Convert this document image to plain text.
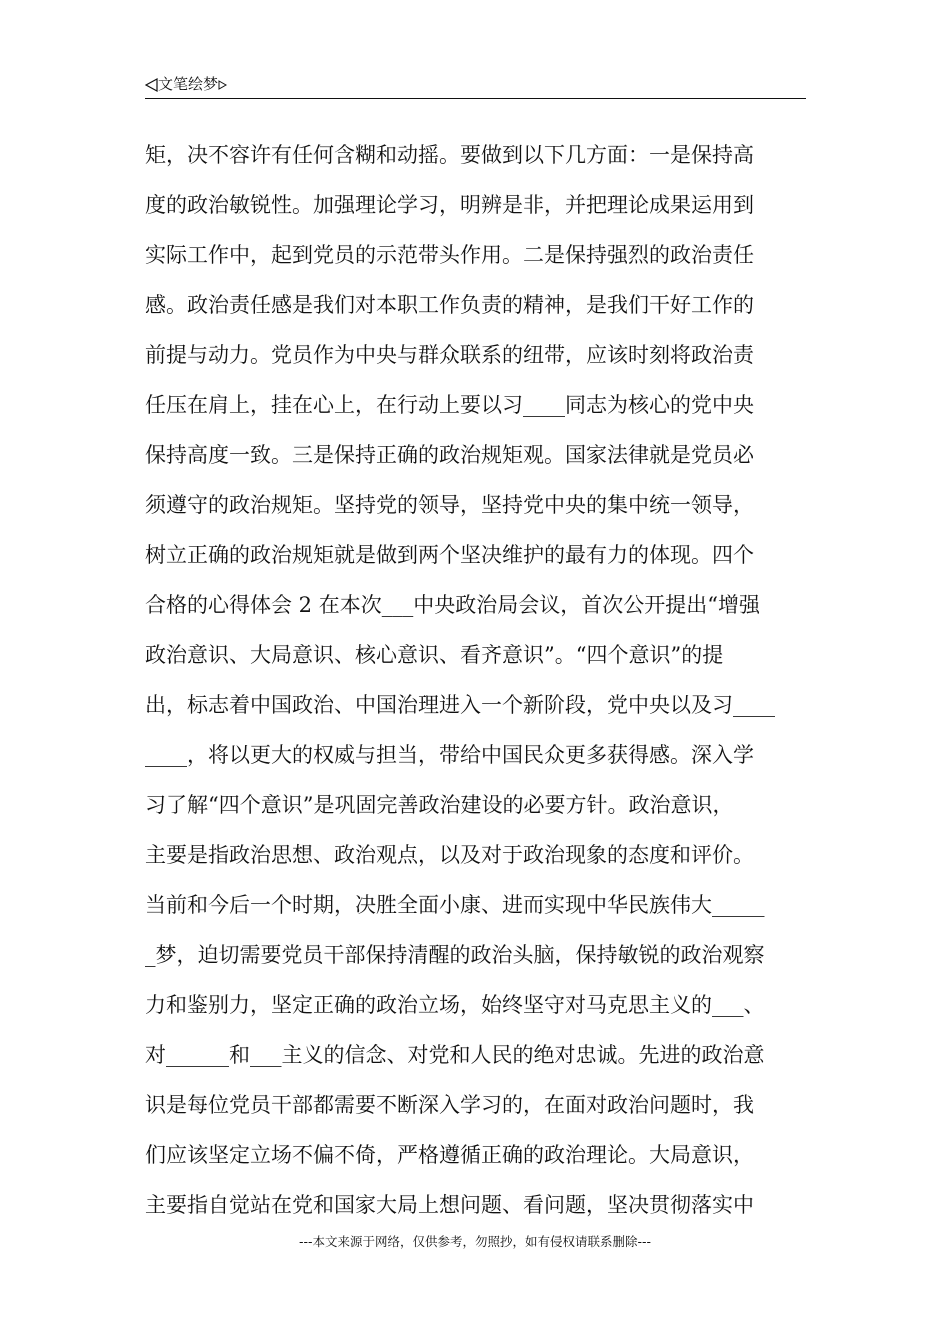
文笔绘梦
矩，决不容许有任何含糊和动摇。要做到以下几方面：一是保持高
度的政治敏锐性。加强理论学习，明辨是非，并把理论成果运用到
实际工作中，起到党员的示范带头作用。二是保持强烈的政治责任
感。政治责任感是我们对本职工作负责的精神，是我们干好工作的
前提与动力。党员作为中央与群众联系的纽带，应该时刻将政治责
任压在肩上，挂在心上，在行动上要以习____同志为核心的党中央
保持高度一致。三是保持正确的政治规矩观。国家法律就是党员必
须遵守的政治规矩。坚持党的领导，坚持党中央的集中统一领导，
树立正确的政治规矩就是做到两个坚决维护的最有力的体现。四个
合格的心得体会 2 在本次___中央政治局会议，首次公开提出“增强
政治意识、大局意识、核心意识、看齐意识”。“四个意识”的提
出，标志着中国政治、中国治理进入一个新阶段，党中央以及习____
____，将以更大的权威与担当，带给中国民众更多获得感。深入学
习了解“四个意识”是巩固完善政治建设的必要方针。政治意识，
主要是指政治思想、政治观点，以及对于政治现象的态度和评价。
当前和今后一个时期，决胜全面小康、进而实现中华民族伟大_____
_梦，迫切需要党员干部保持清醒的政治头脑，保持敏锐的政治观察
力和鉴别力，坚定正确的政治立场，始终坚守对马克思主义的___、
对______和___主义的信念、对党和人民的绝对忠诚。先进的政治意
识是每位党员干部都需要不断深入学习的，在面对政治问题时，我
们应该坚定立场不偏不倚，严格遵循正确的政治理论。大局意识，
主要指自觉站在党和国家大局上想问题、看问题，坚决贯彻落实中
---本文来源于网络，仅供参考，勿照抄，如有侵权请联系删除---
